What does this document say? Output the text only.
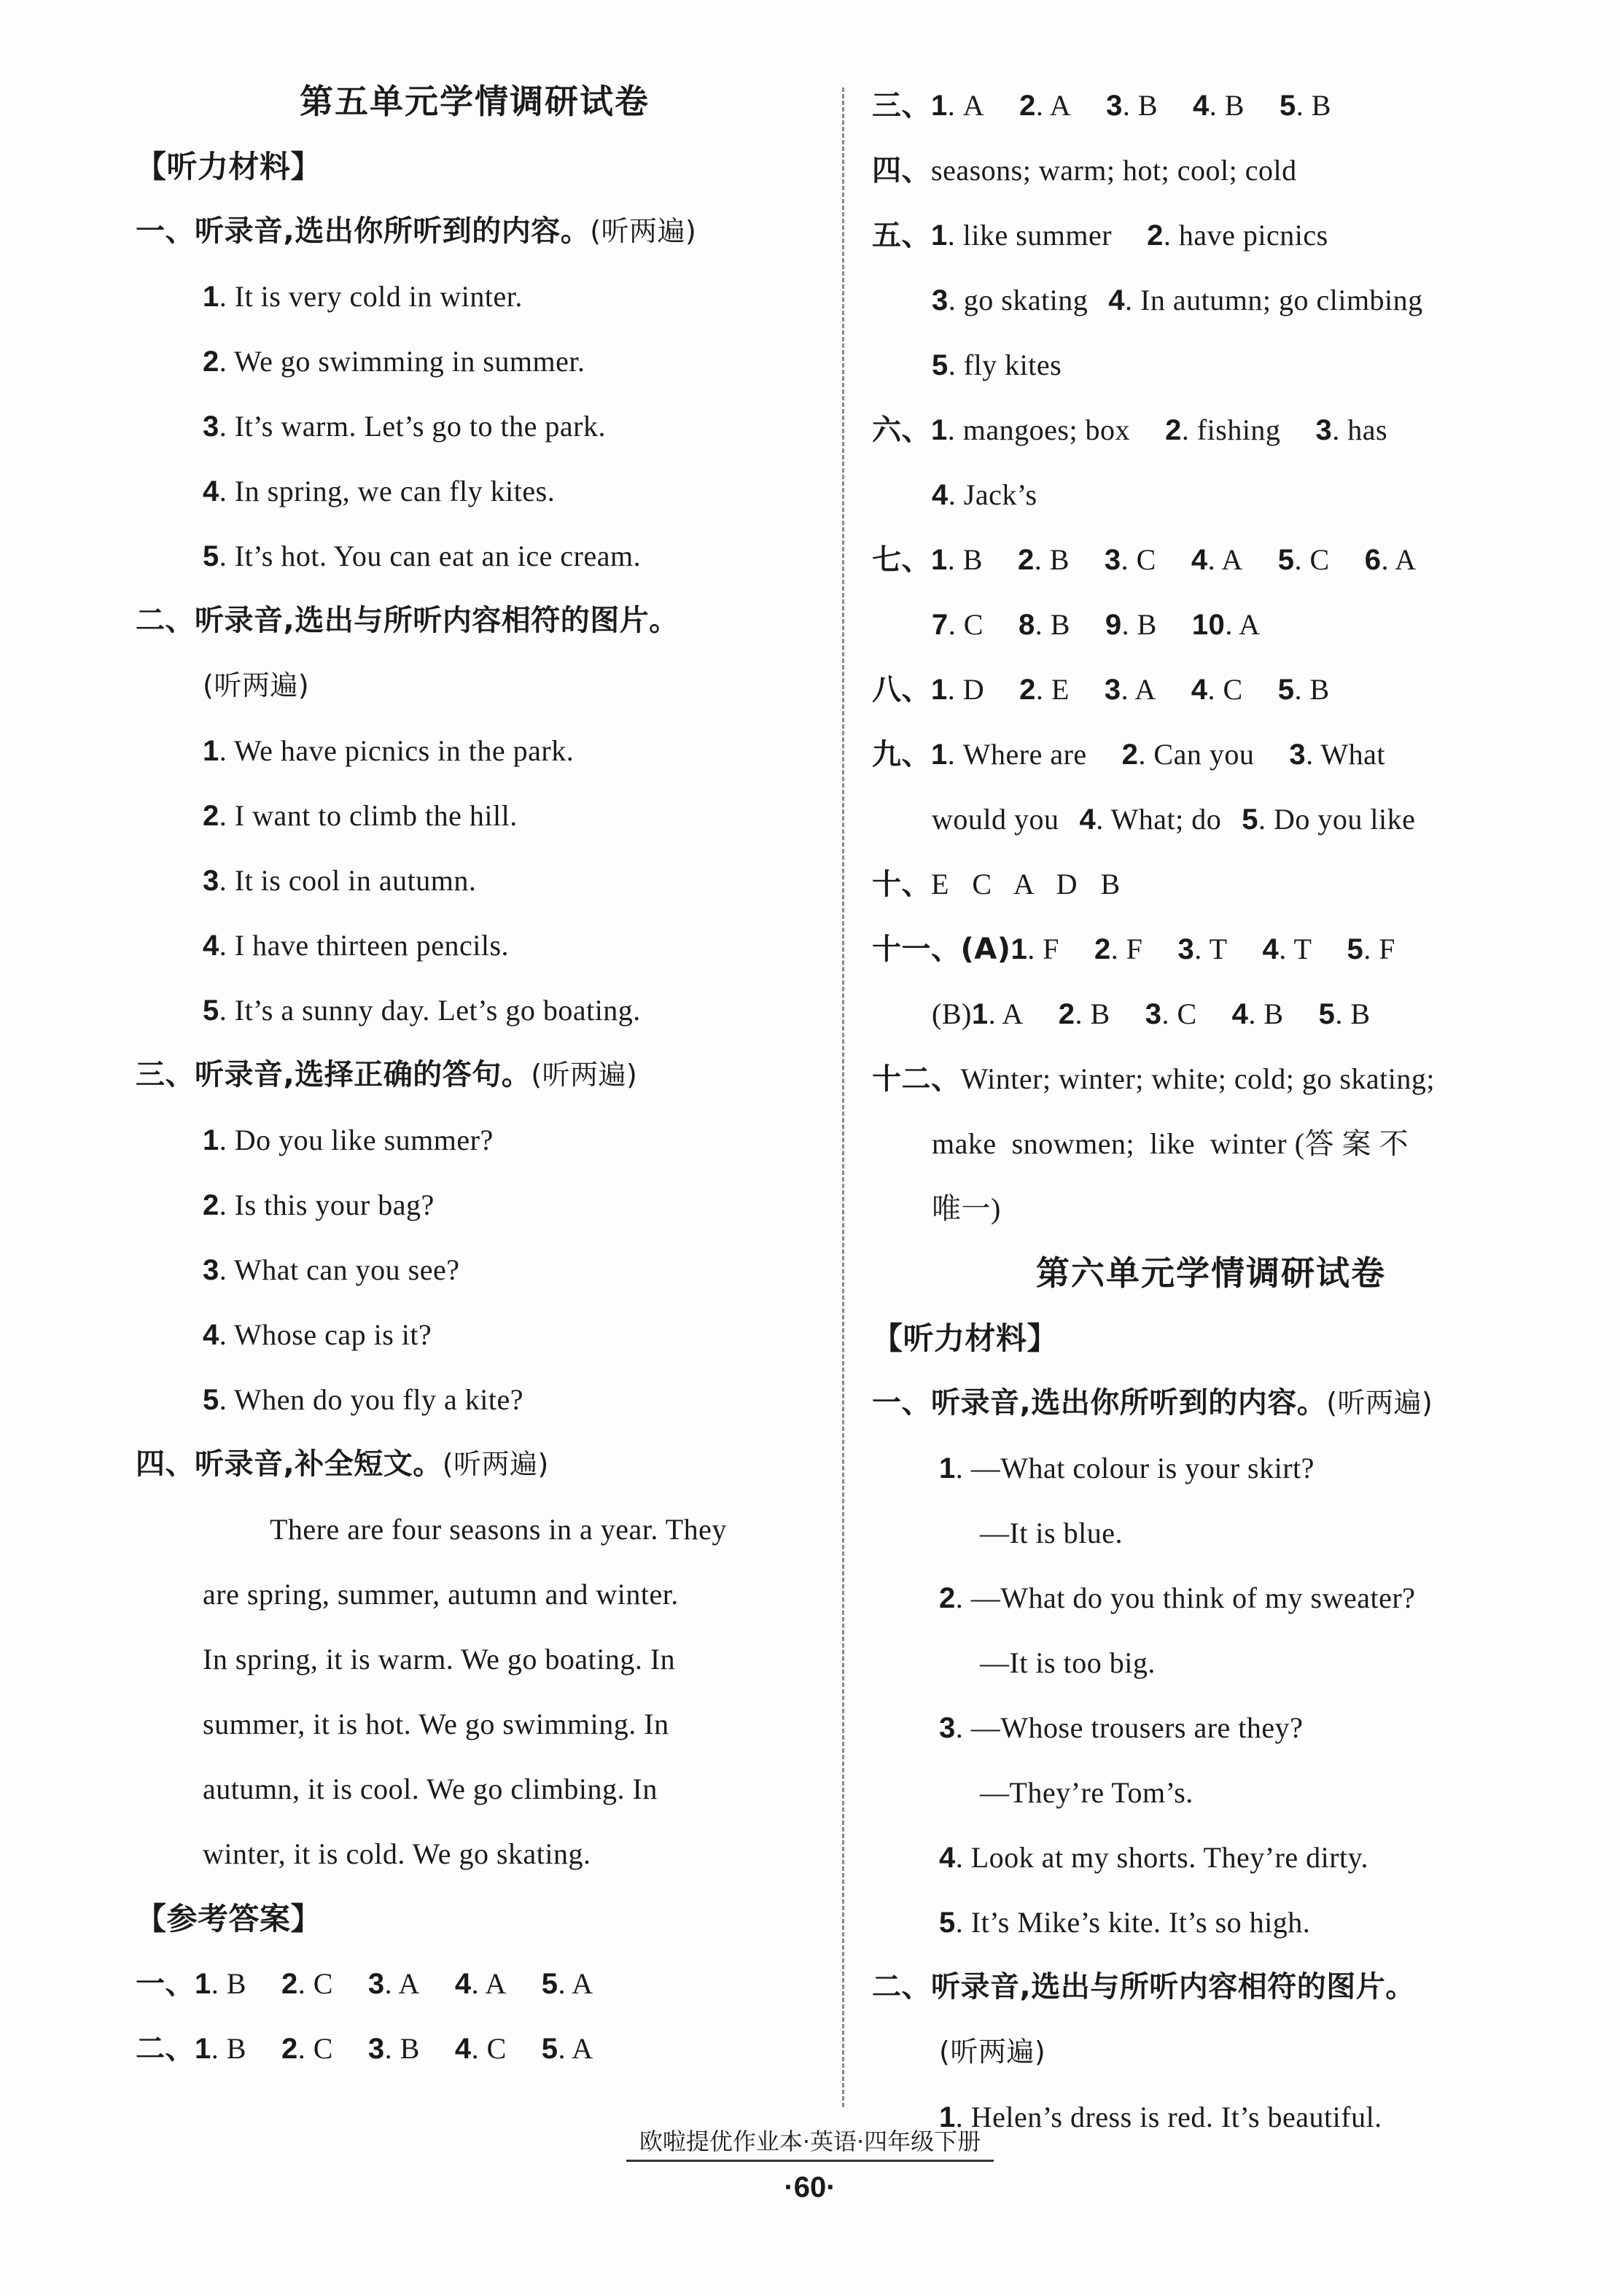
第五单元学情调研试卷
【听力材料】
一、听录音,选出你所听到的内容。(听两遍)
1. It is very cold in winter.
2. We go swimming in summer.
3. It’s warm. Let’s go to the park.
4. In spring, we can fly kites.
5. It’s hot. You can eat an ice cream.
二、听录音,选出与所听内容相符的图片。
(听两遍)
1. We have picnics in the park.
2. I want to climb the hill.
3. It is cool in autumn.
4. I have thirteen pencils.
5. It’s a sunny day. Let’s go boating.
三、听录音,选择正确的答句。(听两遍)
1. Do you like summer?
2. Is this your bag?
3. What can you see?
4. Whose cap is it?
5. When do you fly a kite?
四、听录音,补全短文。(听两遍)
There are four seasons in a year. They
are spring, summer, autumn and winter.
In spring, it is warm. We go boating. In
summer, it is hot. We go swimming. In
autumn, it is cool. We go climbing. In
winter, it is cold. We go skating.
【参考答案】
一、1. B 2. C 3. A 4. A 5. A
二、1. B 2. C 3. B 4. C 5. A
三、1. A 2. A 3. B 4. B 5. B
四、seasons; warm; hot; cool; cold
五、1. like summer 2. have picnics
3. go skating 4. In autumn; go climbing
5. fly kites
六、1. mangoes; box 2. fishing 3. has
4. Jack’s
七、1. B 2. B 3. C 4. A 5. C 6. A
7. C 8. B 9. B 10. A
八、1. D 2. E 3. A 4. C 5. B
九、1. Where are 2. Can you 3. What
would you 4. What; do 5. Do you like
十、E   C   A   D   B
十一、(A)1. F 2. F 3. T 4. T 5. F
(B)1. A 2. B 3. C 4. B 5. B
十二、Winter; winter; white; cold; go skating;
make  snowmen;  like  winter (答 案 不
唯一)
第六单元学情调研试卷
【听力材料】
一、听录音,选出你所听到的内容。(听两遍)
1. —What colour is your skirt?
—It is blue.
2. —What do you think of my sweater?
—It is too big.
3. —Whose trousers are they?
—They’re Tom’s.
4. Look at my shorts. They’re dirty.
5. It’s Mike’s kite. It’s so high.
二、听录音,选出与所听内容相符的图片。
(听两遍)
1. Helen’s dress is red. It’s beautiful.
欧啦提优作业本·英语·四年级下册
·60·
